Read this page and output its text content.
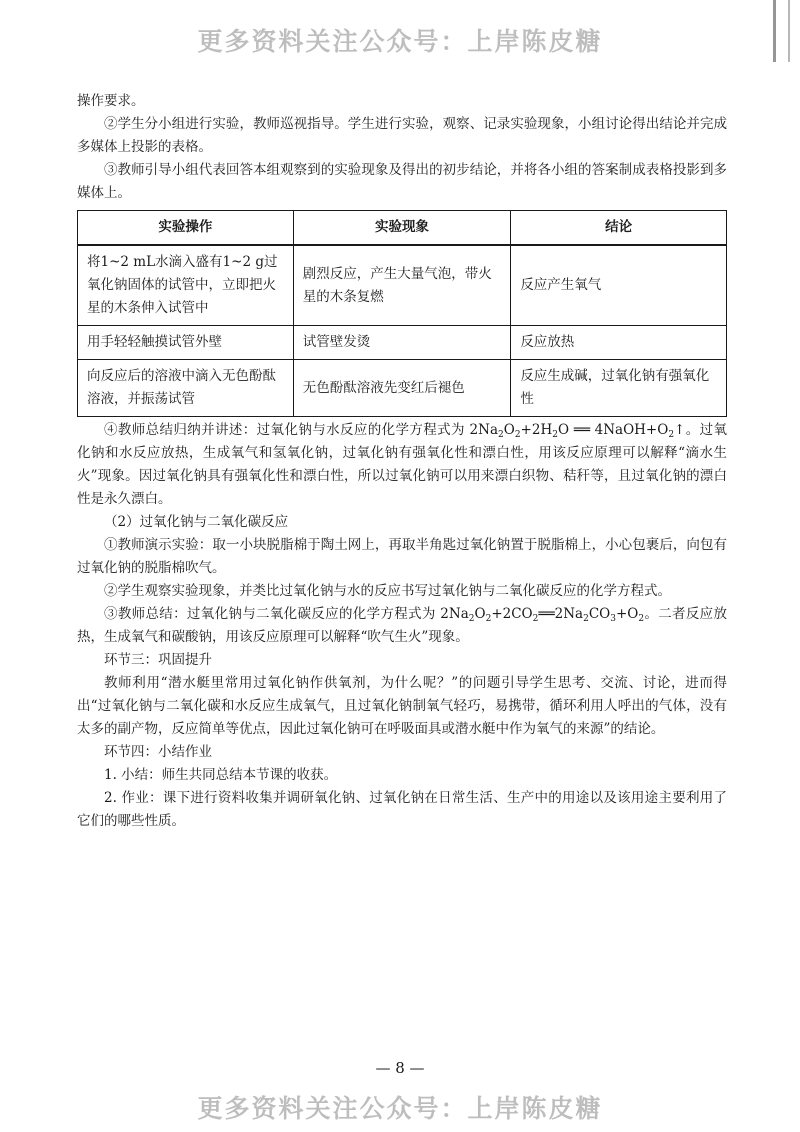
更多资料关注公众号：上岸陈皮糖

操作要求。

②学生分小组进行实验，教师巡视指导。学生进行实验，观察、记录实验现象，小组讨论得出结论并完成多媒体上投影的表格。

③教师引导小组代表回答本组观察到的实验现象及得出的初步结论，并将各小组的答案制成表格投影到多媒体上。

实验操作	实验现象	结论
将1~2 mL水滴入盛有1~2 g过氧化钠固体的试管中，立即把火星的木条伸入试管中	剧烈反应，产生大量气泡，带火星的木条复燃	反应产生氧气
用手轻轻触摸试管外壁	试管壁发烫	反应放热
向反应后的溶液中滴入无色酚酞溶液，并振荡试管	无色酚酞溶液先变红后褪色	反应生成碱，过氧化钠有强氧化性

④教师总结归纳并讲述：过氧化钠与水反应的化学方程式为 $2Na_2O_2+2H_2O$ ══ $4NaOH+O_2↑$。过氧化钠和水反应放热，生成氧气和氢氧化钠，过氧化钠有强氧化性和漂白性，用该反应原理可以解释“滴水生火”现象。因过氧化钠具有强氧化性和漂白性，所以过氧化钠可以用来漂白织物、秸秆等，且过氧化钠的漂白性是永久漂白。

（2）过氧化钠与二氧化碳反应

①教师演示实验：取一小块脱脂棉于陶土网上，再取半角匙过氧化钠置于脱脂棉上，小心包裹后，向包有过氧化钠的脱脂棉吹气。

②学生观察实验现象，并类比过氧化钠与水的反应书写过氧化钠与二氧化碳反应的化学方程式。

③教师总结：过氧化钠与二氧化碳反应的化学方程式为 $2Na_2O_2+2CO_2══2Na_2CO_3+O_2$。二者反应放热，生成氧气和碳酸钠，用该反应原理可以解释“吹气生火”现象。

环节三：巩固提升

教师利用“潜水艇里常用过氧化钠作供氧剂，为什么呢？”的问题引导学生思考、交流、讨论，进而得出“过氧化钠与二氧化碳和水反应生成氧气，且过氧化钠制氧气轻巧，易携带，循环利用人呼出的气体，没有太多的副产物，反应简单等优点，因此过氧化钠可在呼吸面具或潜水艇中作为氧气的来源”的结论。

环节四：小结作业

1. 小结：师生共同总结本节课的收获。

2. 作业：课下进行资料收集并调研氧化钠、过氧化钠在日常生活、生产中的用途以及该用途主要利用了它们的哪些性质。

— 8 —
更多资料关注公众号：上岸陈皮糖
